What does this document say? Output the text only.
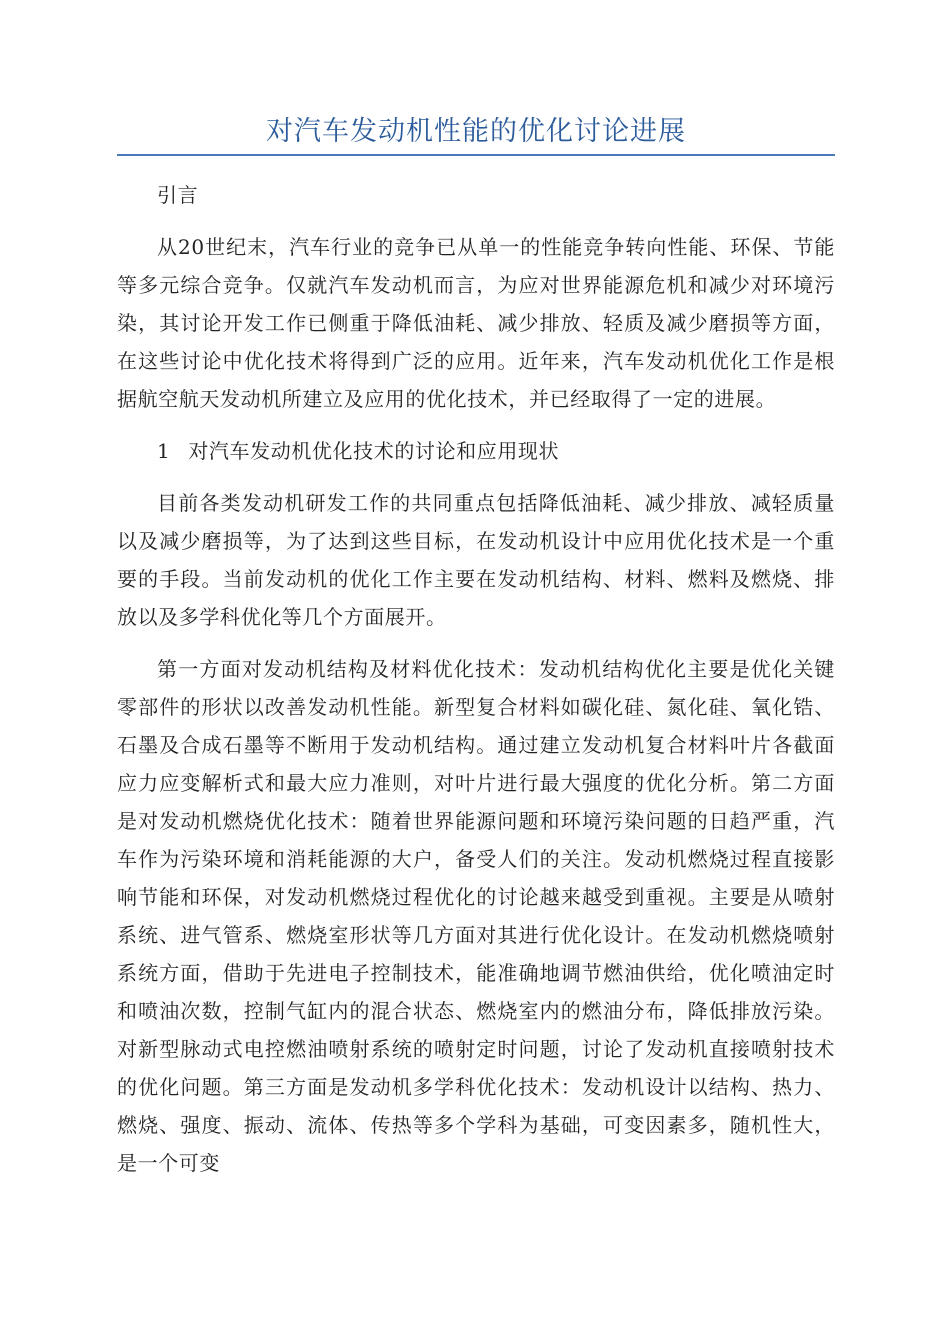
对汽车发动机性能的优化讨论进展

引言

从20世纪末，汽车行业的竞争已从单一的性能竞争转向性能、环保、节能等多元综合竞争。仅就汽车发动机而言，为应对世界能源危机和减少对环境污染，其讨论开发工作已侧重于降低油耗、减少排放、轻质及减少磨损等方面，在这些讨论中优化技术将得到广泛的应用。近年来，汽车发动机优化工作是根据航空航天发动机所建立及应用的优化技术，并已经取得了一定的进展。

1 对汽车发动机优化技术的讨论和应用现状

目前各类发动机研发工作的共同重点包括降低油耗、减少排放、减轻质量以及减少磨损等，为了达到这些目标，在发动机设计中应用优化技术是一个重要的手段。当前发动机的优化工作主要在发动机结构、材料、燃料及燃烧、排放以及多学科优化等几个方面展开。

第一方面对发动机结构及材料优化技术：发动机结构优化主要是优化关键零部件的形状以改善发动机性能。新型复合材料如碳化硅、氮化硅、氧化锆、石墨及合成石墨等不断用于发动机结构。通过建立发动机复合材料叶片各截面应力应变解析式和最大应力准则，对叶片进行最大强度的优化分析。第二方面是对发动机燃烧优化技术：随着世界能源问题和环境污染问题的日趋严重，汽车作为污染环境和消耗能源的大户，备受人们的关注。发动机燃烧过程直接影响节能和环保，对发动机燃烧过程优化的讨论越来越受到重视。主要是从喷射系统、进气管系、燃烧室形状等几方面对其进行优化设计。在发动机燃烧喷射系统方面，借助于先进电子控制技术，能准确地调节燃油供给，优化喷油定时和喷油次数，控制气缸内的混合状态、燃烧室内的燃油分布，降低排放污染。对新型脉动式电控燃油喷射系统的喷射定时问题，讨论了发动机直接喷射技术的优化问题。第三方面是发动机多学科优化技术：发动机设计以结构、热力、燃烧、强度、振动、流体、传热等多个学科为基础，可变因素多，随机性大，是一个可变
